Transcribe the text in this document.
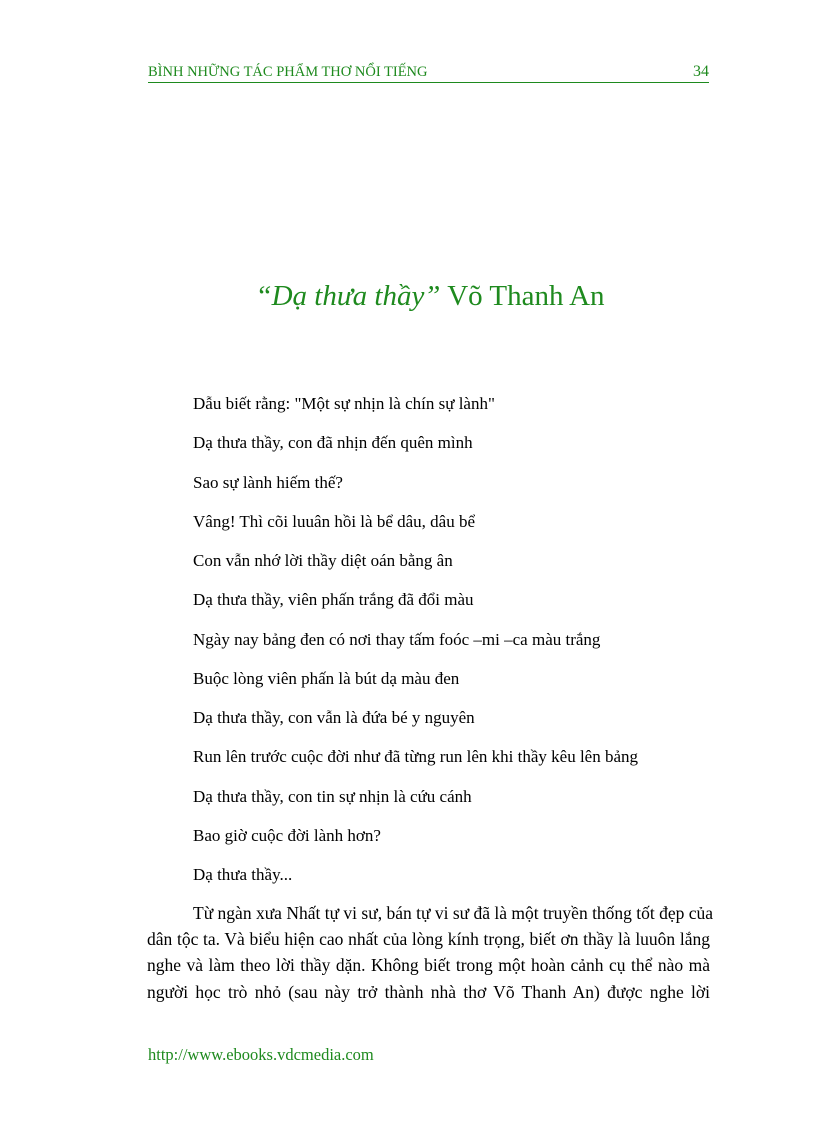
BÌNH NHỮNG TÁC PHẨM THƠ NỔI TIẾNG	34
“Dạ thưa thầy” Võ Thanh An
Dẫu biết rằng: "Một sự nhịn là chín sự lành"
Dạ thưa thầy, con đã nhịn đến quên mình
Sao sự lành hiếm thế?
Vâng! Thì cõi luuân hồi là bể dâu, dâu bể
Con vẫn nhớ lời thầy diệt oán bằng ân
Dạ thưa thầy, viên phấn trắng đã đổi màu
Ngày nay bảng đen có nơi thay tấm foóc –mi –ca màu trắng
Buộc lòng viên phấn là bút dạ màu đen
Dạ thưa thầy, con vẫn là đứa bé y nguyên
Run lên trước cuộc đời như đã từng run lên khi thầy kêu lên bảng
Dạ thưa thầy, con tin sự nhịn là cứu cánh
Bao giờ cuộc đời lành hơn?
Dạ thưa thầy...

Từ ngàn xưa Nhất tự vi sư, bán tự vi sư đã là một truyền thống tốt đẹp của
dân tộc ta. Và biểu hiện cao nhất của lòng kính trọng, biết ơn thầy là luuôn lắng
nghe và làm theo lời thầy dặn. Không biết trong một hoàn cảnh cụ thể nào mà
người học trò nhỏ (sau này trở thành nhà thơ Võ Thanh An) được nghe lời

http://www.ebooks.vdcmedia.com
